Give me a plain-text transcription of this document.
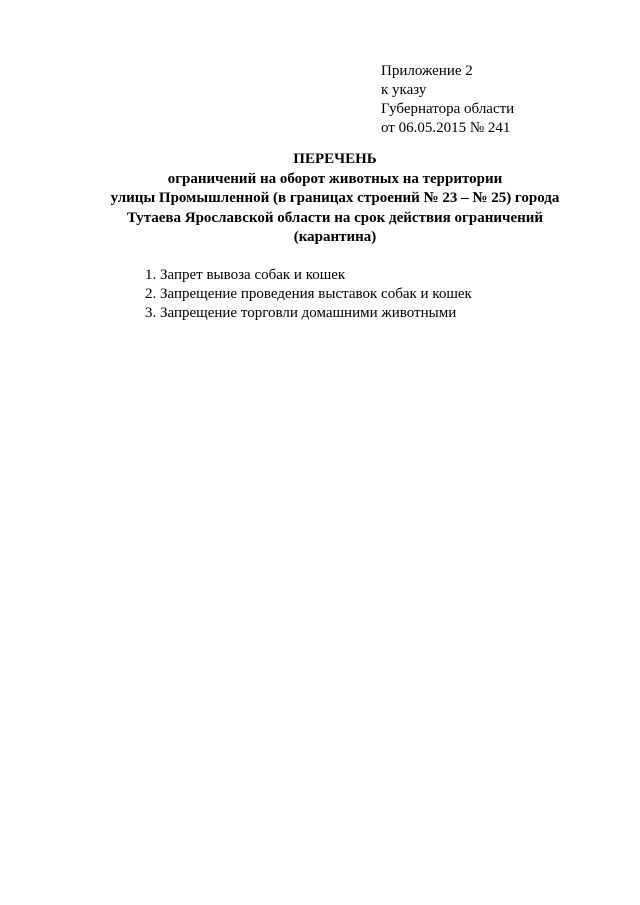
Приложение 2
к указу
Губернатора области
от 06.05.2015 № 241
ПЕРЕЧЕНЬ
ограничений на оборот животных на территории
улицы Промышленной (в границах строений № 23 – № 25) города
Тутаева Ярославской области на срок действия ограничений
(карантина)
1. Запрет вывоза собак и кошек
2. Запрещение проведения выставок собак и кошек
3. Запрещение торговли домашними животными
